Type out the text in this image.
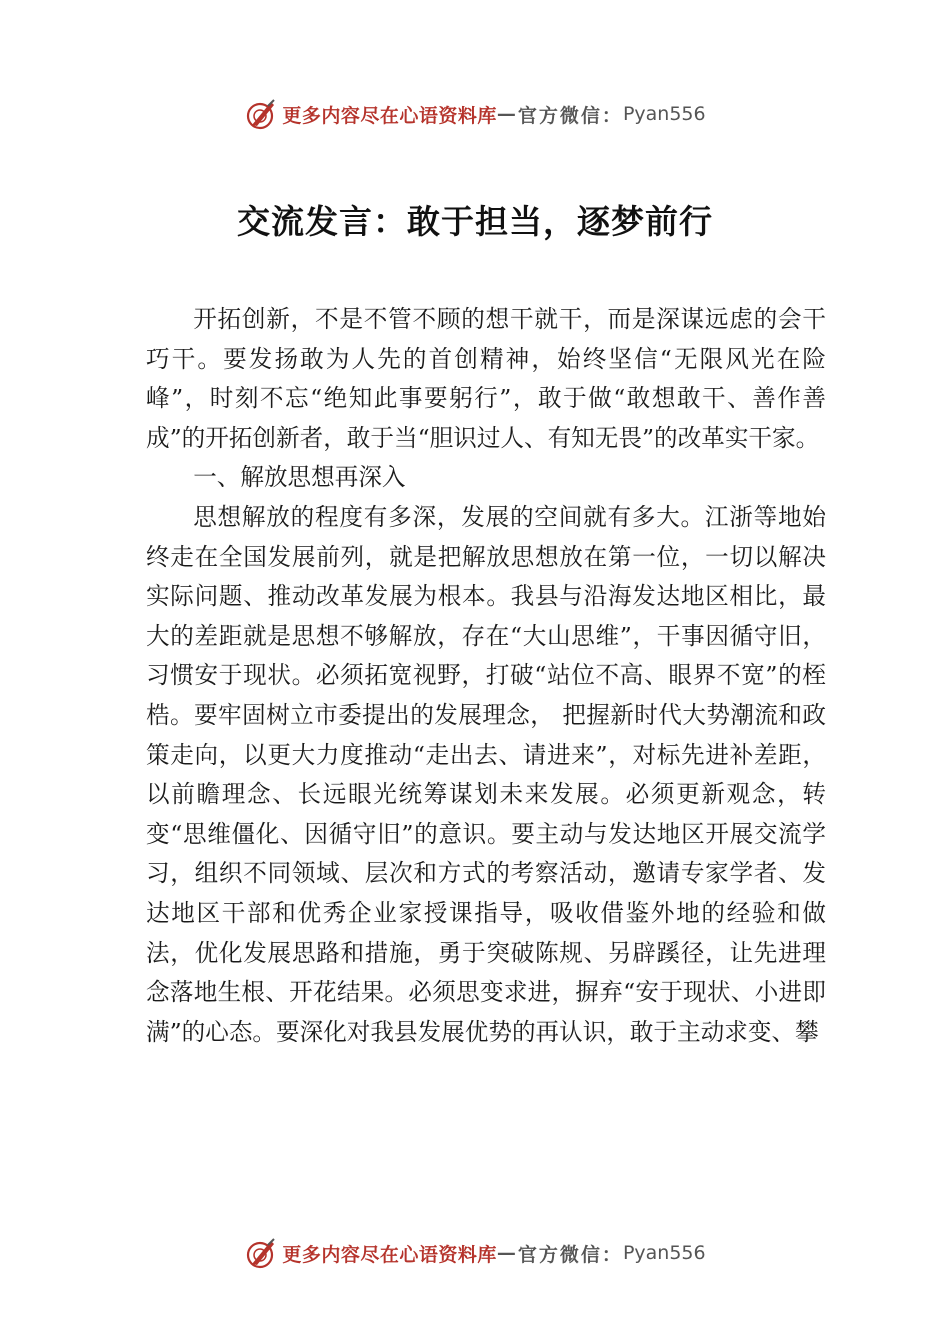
更多内容尽在心语资料库 — 官方微信： Pyan556
交流发言：敢于担当，逐梦前行

开拓创新，不是不管不顾的想干就干，而是深谋远虑的会干巧干。要发扬敢为人先的首创精神，始终坚信“无限风光在险峰”，时刻不忘“绝知此事要躬行”，敢于做“敢想敢干、善作善成”的开拓创新者，敢于当“胆识过人、有知无畏”的改革实干家。

一、解放思想再深入

思想解放的程度有多深，发展的空间就有多大。江浙等地始终走在全国发展前列，就是把解放思想放在第一位，一切以解决实际问题、推动改革发展为根本。我县与沿海发达地区相比，最大的差距就是思想不够解放，存在“大山思维”，干事因循守旧，习惯安于现状。必须拓宽视野，打破“站位不高、眼界不宽”的桎梏。要牢固树立市委提出的发展理念， 把握新时代大势潮流和政策走向，以更大力度推动“走出去、请进来”，对标先进补差距，以前瞻理念、长远眼光统筹谋划未来发展。必须更新观念，转变“思维僵化、因循守旧”的意识。要主动与发达地区开展交流学习，组织不同领域、层次和方式的考察活动，邀请专家学者、发达地区干部和优秀企业家授课指导，吸收借鉴外地的经验和做法，优化发展思路和措施，勇于突破陈规、另辟蹊径，让先进理念落地生根、开花结果。必须思变求进，摒弃“安于现状、小进即满”的心态。要深化对我县发展优势的再认识，敢于主动求变、攀

更多内容尽在心语资料库 — 官方微信： Pyan556
